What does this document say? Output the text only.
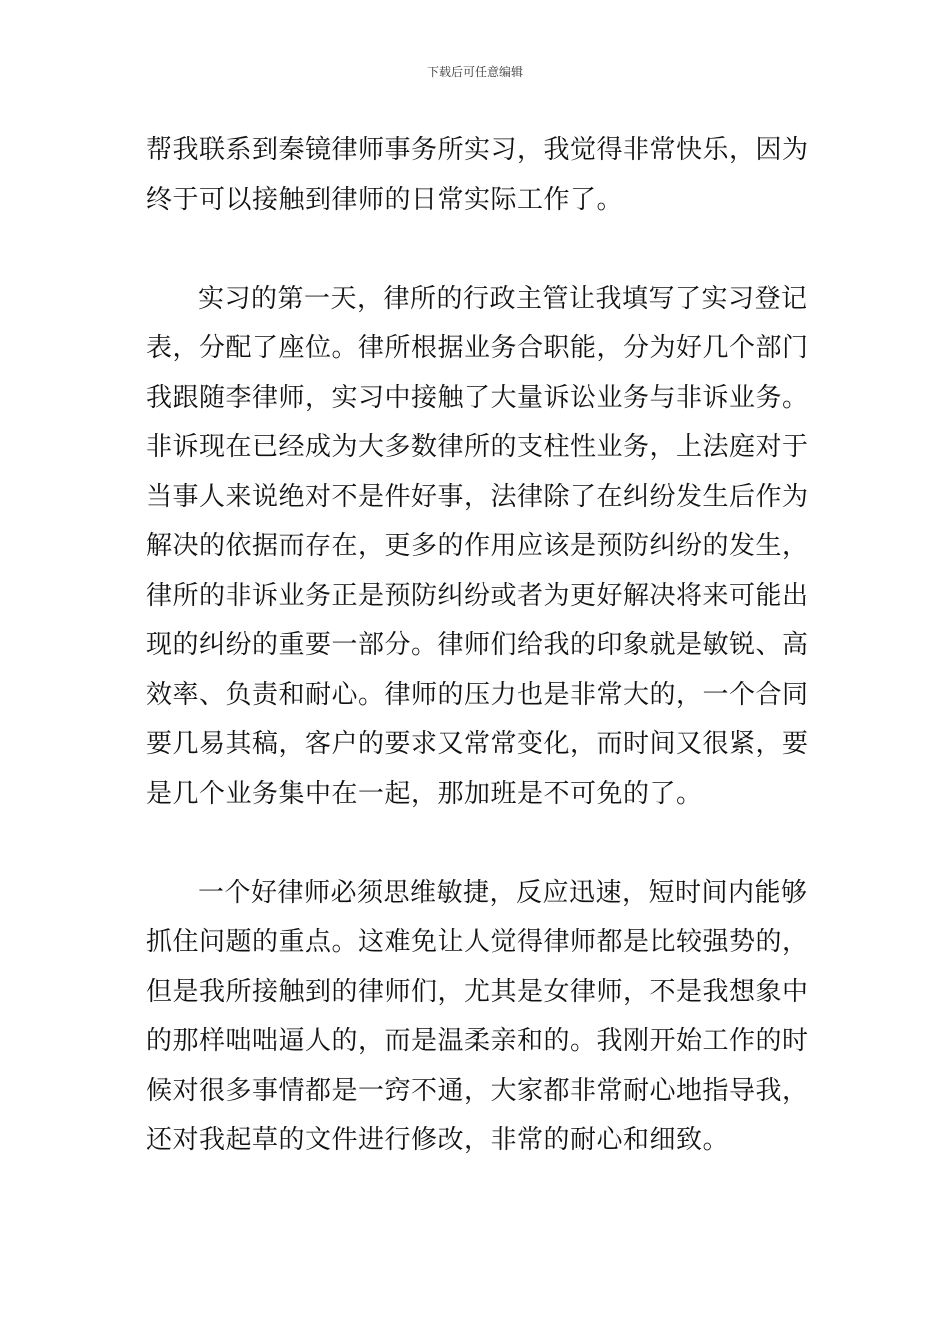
下载后可任意编辑
帮我联系到秦镜律师事务所实习，我觉得非常快乐，因为
终于可以接触到律师的日常实际工作了。
实习的第一天，律所的行政主管让我填写了实习登记
表，分配了座位。律所根据业务合职能，分为好几个部门
我跟随李律师，实习中接触了大量诉讼业务与非诉业务。
非诉现在已经成为大多数律所的支柱性业务，上法庭对于
当事人来说绝对不是件好事，法律除了在纠纷发生后作为
解决的依据而存在，更多的作用应该是预防纠纷的发生，
律所的非诉业务正是预防纠纷或者为更好解决将来可能出
现的纠纷的重要一部分。律师们给我的印象就是敏锐、高
效率、负责和耐心。律师的压力也是非常大的，一个合同
要几易其稿，客户的要求又常常变化，而时间又很紧，要
是几个业务集中在一起，那加班是不可免的了。
一个好律师必须思维敏捷，反应迅速，短时间内能够
抓住问题的重点。这难免让人觉得律师都是比较强势的，
但是我所接触到的律师们，尤其是女律师，不是我想象中
的那样咄咄逼人的，而是温柔亲和的。我刚开始工作的时
候对很多事情都是一窍不通，大家都非常耐心地指导我，
还对我起草的文件进行修改，非常的耐心和细致。
